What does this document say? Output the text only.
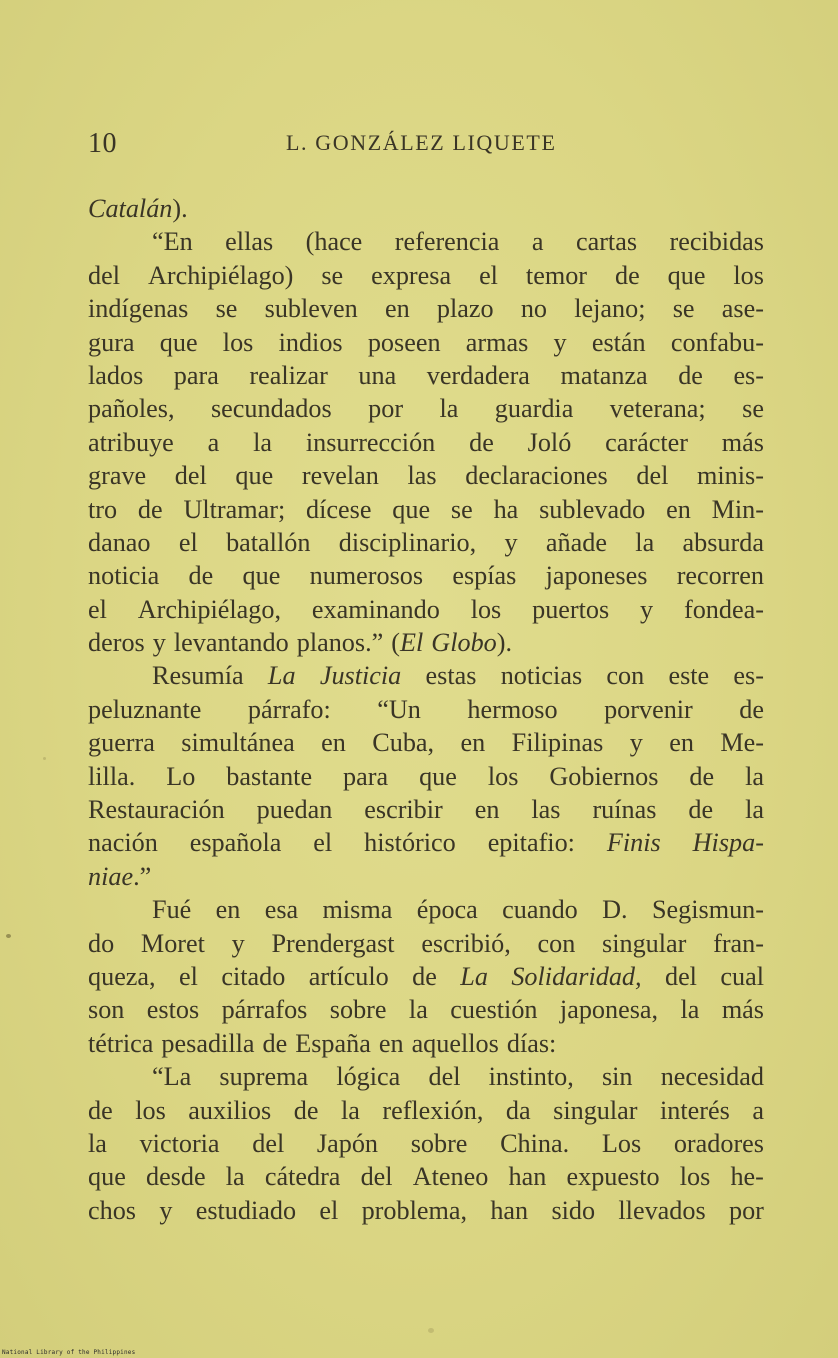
10	L. GONZÁLEZ LIQUETE
Catalán).
“En ellas (hace referencia a cartas recibidas
del Archipiélago) se expresa el temor de que los
indígenas se subleven en plazo no lejano; se ase-
gura que los indios poseen armas y están confabu-
lados para realizar una verdadera matanza de es-
pañoles, secundados por la guardia veterana; se
atribuye a la insurrección de Joló carácter más
grave del que revelan las declaraciones del minis-
tro de Ultramar; dícese que se ha sublevado en Min-
danao el batallón disciplinario, y añade la absurda
noticia de que numerosos espías japoneses recorren
el Archipiélago, examinando los puertos y fondea-
deros y levantando planos.” (El Globo).
Resumía La Justicia estas noticias con este es-
peluznante párrafo: “Un hermoso porvenir de
guerra simultánea en Cuba, en Filipinas y en Me-
lilla. Lo bastante para que los Gobiernos de la
Restauración puedan escribir en las ruínas de la
nación española el histórico epitafio: Finis Hispa-
niae.”
Fué en esa misma época cuando D. Segismun-
do Moret y Prendergast escribió, con singular fran-
queza, el citado artículo de La Solidaridad, del cual
son estos párrafos sobre la cuestión japonesa, la más
tétrica pesadilla de España en aquellos días:
“La suprema lógica del instinto, sin necesidad
de los auxilios de la reflexión, da singular interés a
la victoria del Japón sobre China. Los oradores
que desde la cátedra del Ateneo han expuesto los he-
chos y estudiado el problema, han sido llevados por
National Library of the Philippines
